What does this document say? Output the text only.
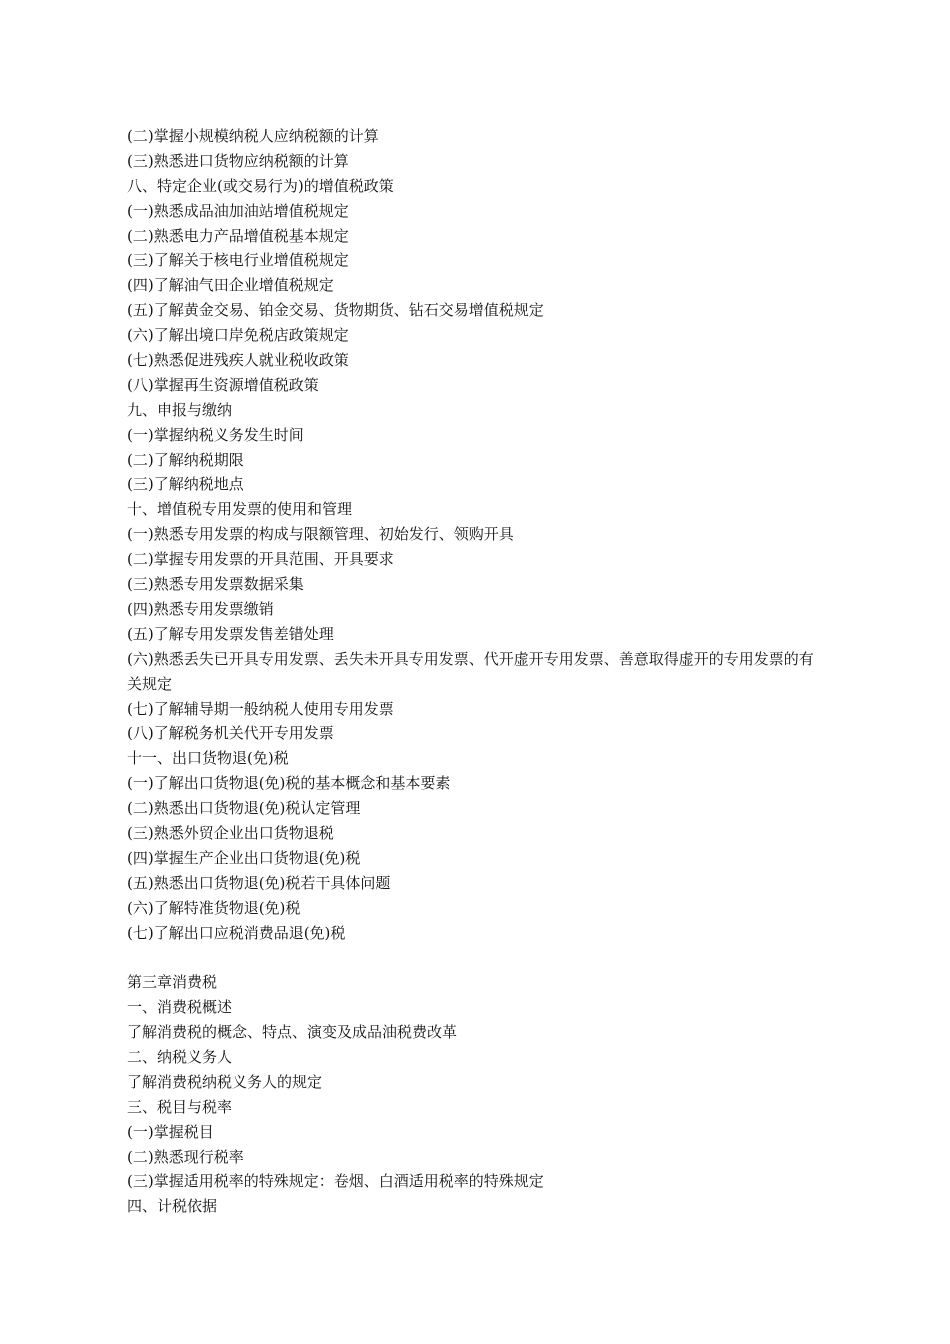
(二)掌握小规模纳税人应纳税额的计算
(三)熟悉进口货物应纳税额的计算
八、特定企业(或交易行为)的增值税政策
(一)熟悉成品油加油站增值税规定
(二)熟悉电力产品增值税基本规定
(三)了解关于核电行业增值税规定
(四)了解油气田企业增值税规定
(五)了解黄金交易、铂金交易、货物期货、钻石交易增值税规定
(六)了解出境口岸免税店政策规定
(七)熟悉促进残疾人就业税收政策
(八)掌握再生资源增值税政策
九、申报与缴纳
(一)掌握纳税义务发生时间
(二)了解纳税期限
(三)了解纳税地点
十、增值税专用发票的使用和管理
(一)熟悉专用发票的构成与限额管理、初始发行、领购开具
(二)掌握专用发票的开具范围、开具要求
(三)熟悉专用发票数据采集
(四)熟悉专用发票缴销
(五)了解专用发票发售差错处理
(六)熟悉丢失已开具专用发票、丢失未开具专用发票、代开虚开专用发票、善意取得虚开的专用发票的有关规定
(七)了解辅导期一般纳税人使用专用发票
(八)了解税务机关代开专用发票
十一、出口货物退(免)税
(一)了解出口货物退(免)税的基本概念和基本要素
(二)熟悉出口货物退(免)税认定管理
(三)熟悉外贸企业出口货物退税
(四)掌握生产企业出口货物退(免)税
(五)熟悉出口货物退(免)税若干具体问题
(六)了解特准货物退(免)税
(七)了解出口应税消费品退(免)税
第三章消费税
一、消费税概述
了解消费税的概念、特点、演变及成品油税费改革
二、纳税义务人
了解消费税纳税义务人的规定
三、税目与税率
(一)掌握税目
(二)熟悉现行税率
(三)掌握适用税率的特殊规定：卷烟、白酒适用税率的特殊规定
四、计税依据
